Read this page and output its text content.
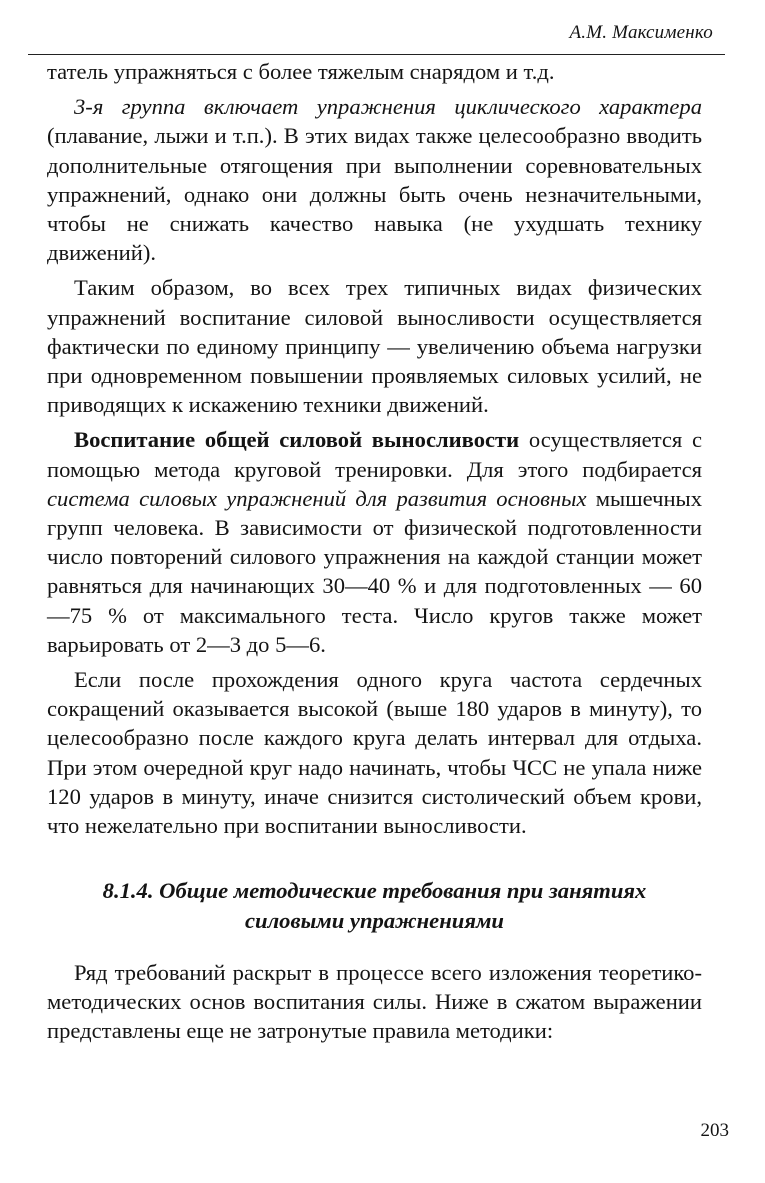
А.М. Максименко

татель упражняться с более тяжелым снарядом и т.д.

3-я группа включает упражнения циклического характера (плавание, лыжи и т.п.). В этих видах также целесообразно вводить дополнительные отягощения при выполнении соревновательных упражнений, однако они должны быть очень незначительными, чтобы не снижать качество навыка (не ухудшать технику движений).

Таким образом, во всех трех типичных видах физических упражнений воспитание силовой выносливости осуществляется фактически по единому принципу — увеличению объема нагрузки при одновременном повышении проявляемых силовых усилий, не приводящих к искажению техники движений.

Воспитание общей силовой выносливости осуществляется с помощью метода круговой тренировки. Для этого подбирается система силовых упражнений для развития основных мышечных групп человека. В зависимости от физической подготовленности число повторений силового упражнения на каждой станции может равняться для начинающих 30—40 % и для подготовленных — 60—75 % от максимального теста. Число кругов также может варьировать от 2—3 до 5—6.

Если после прохождения одного круга частота сердечных сокращений оказывается высокой (выше 180 ударов в минуту), то целесообразно после каждого круга делать интервал для отдыха. При этом очередной круг надо начинать, чтобы ЧСС не упала ниже 120 ударов в минуту, иначе снизится систолический объем крови, что нежелательно при воспитании выносливости.

8.1.4. Общие методические требования при занятиях
силовыми упражнениями

Ряд требований раскрыт в процессе всего изложения теоретико-методических основ воспитания силы. Ниже в сжатом выражении представлены еще не затронутые правила методики:

203
